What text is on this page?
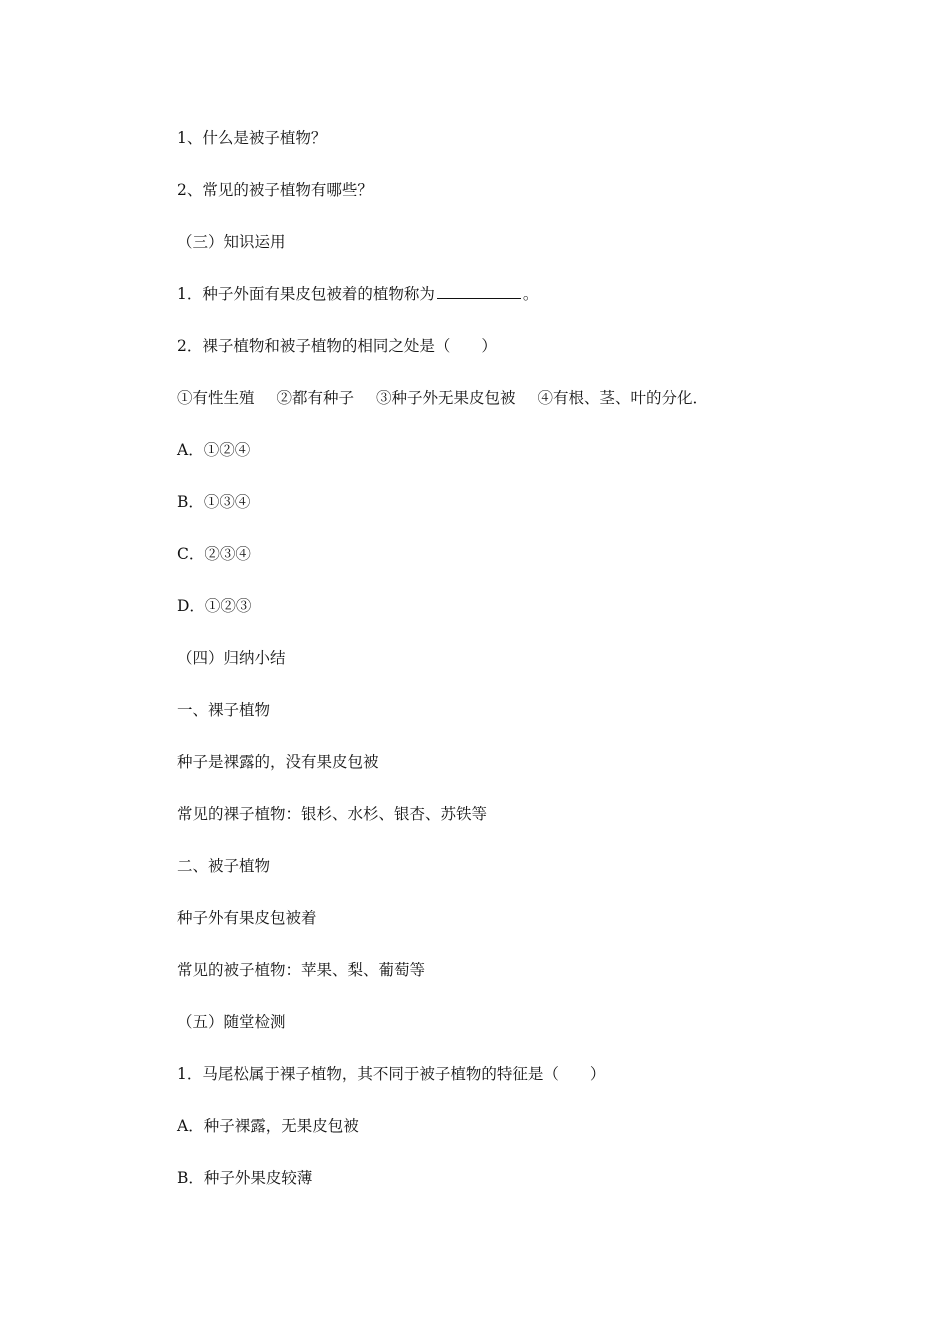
1、什么是被子植物？
2、常见的被子植物有哪些？
（三）知识运用
1．种子外面有果皮包被着的植物称为	。
2．裸子植物和被子植物的相同之处是（　　）
①有性生殖 ②都有种子 ③种子外无果皮包被 ④有根、茎、叶的分化．
A．①②④
B．①③④
C．②③④
D．①②③
（四）归纳小结
一、裸子植物
种子是裸露的，没有果皮包被
常见的裸子植物：银杉、水杉、银杏、苏铁等
二、被子植物
种子外有果皮包被着
常见的被子植物：苹果、梨、葡萄等
（五）随堂检测
1．马尾松属于裸子植物，其不同于被子植物的特征是（　　）
A．种子裸露，无果皮包被
B．种子外果皮较薄
